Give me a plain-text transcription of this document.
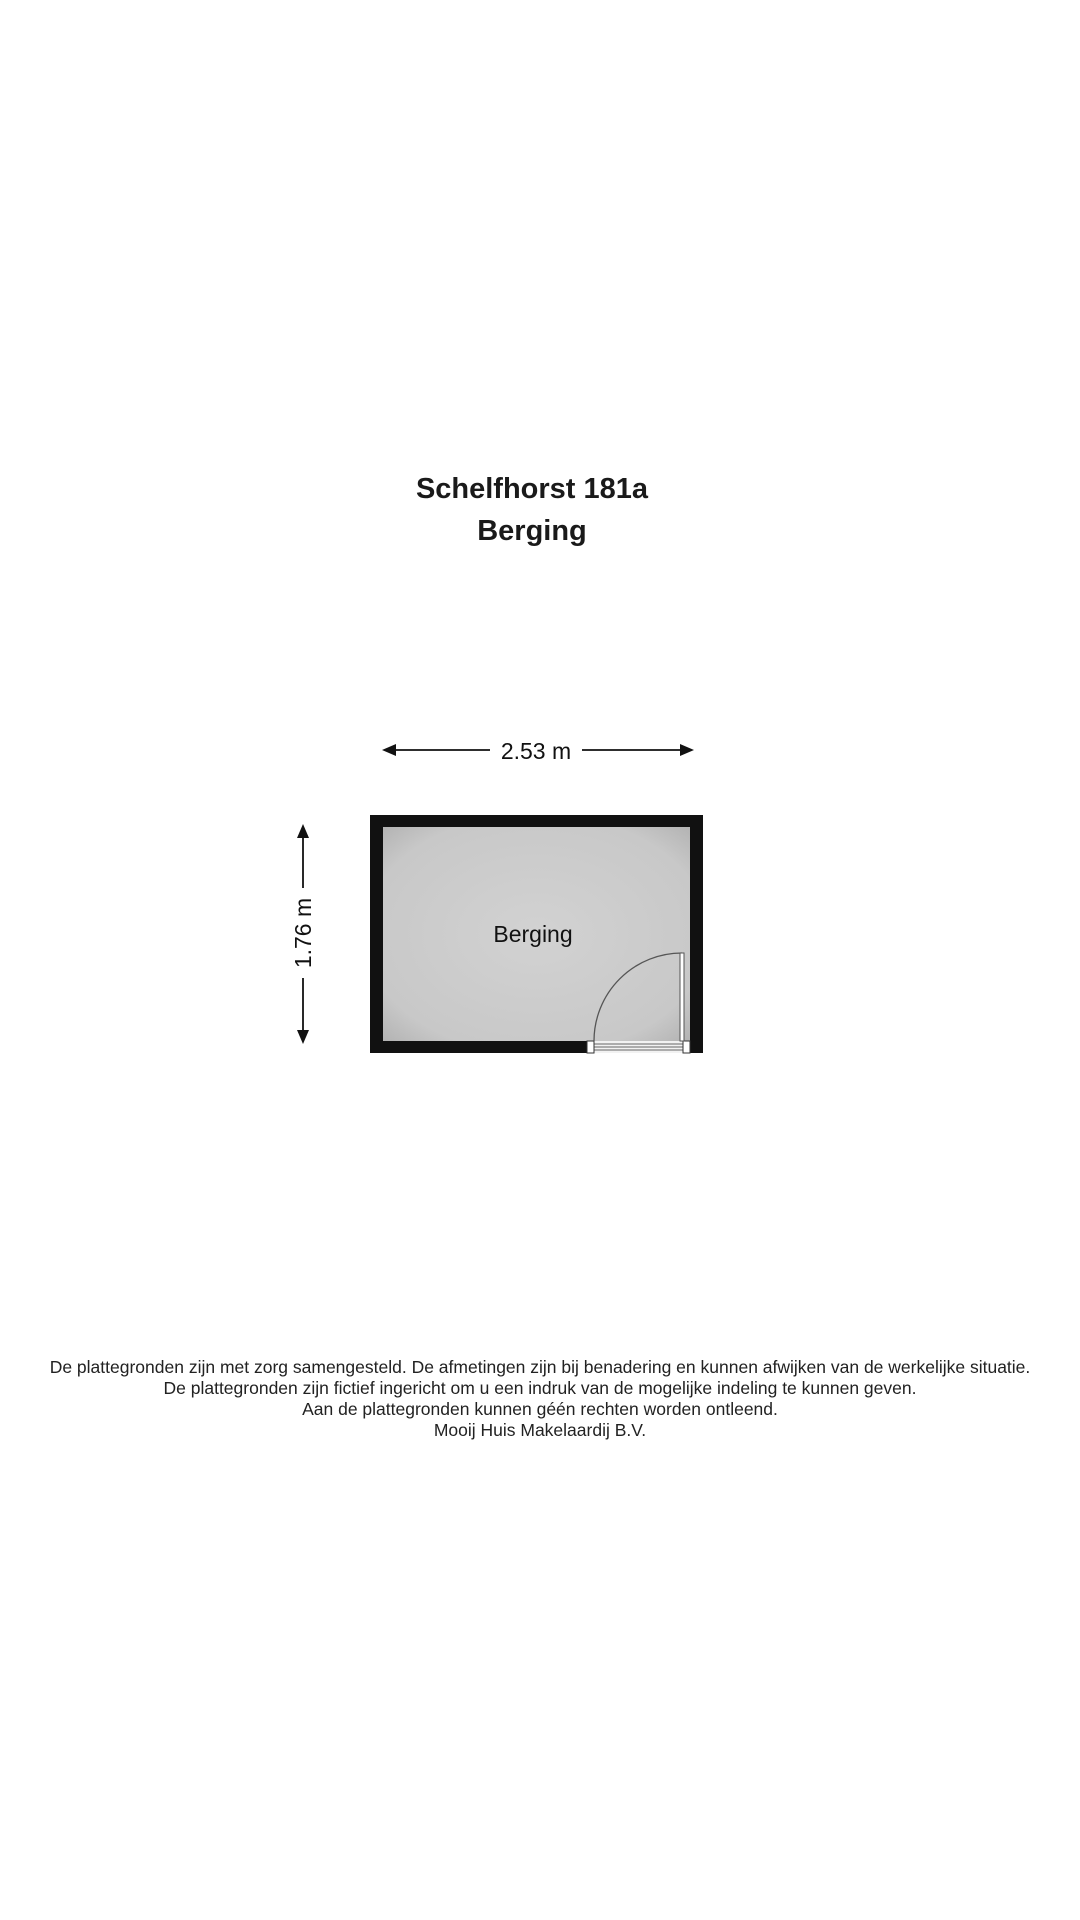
Schelfhorst 181a
Berging
2.53 m
1.76 m	Berging
De plattegronden zijn met zorg samengesteld. De afmetingen zijn bij benadering en kunnen afwijken van de werkelijke situatie.
De plattegronden zijn fictief ingericht om u een indruk van de mogelijke indeling te kunnen geven.
Aan de plattegronden kunnen géén rechten worden ontleend.
Mooij Huis Makelaardij B.V.
